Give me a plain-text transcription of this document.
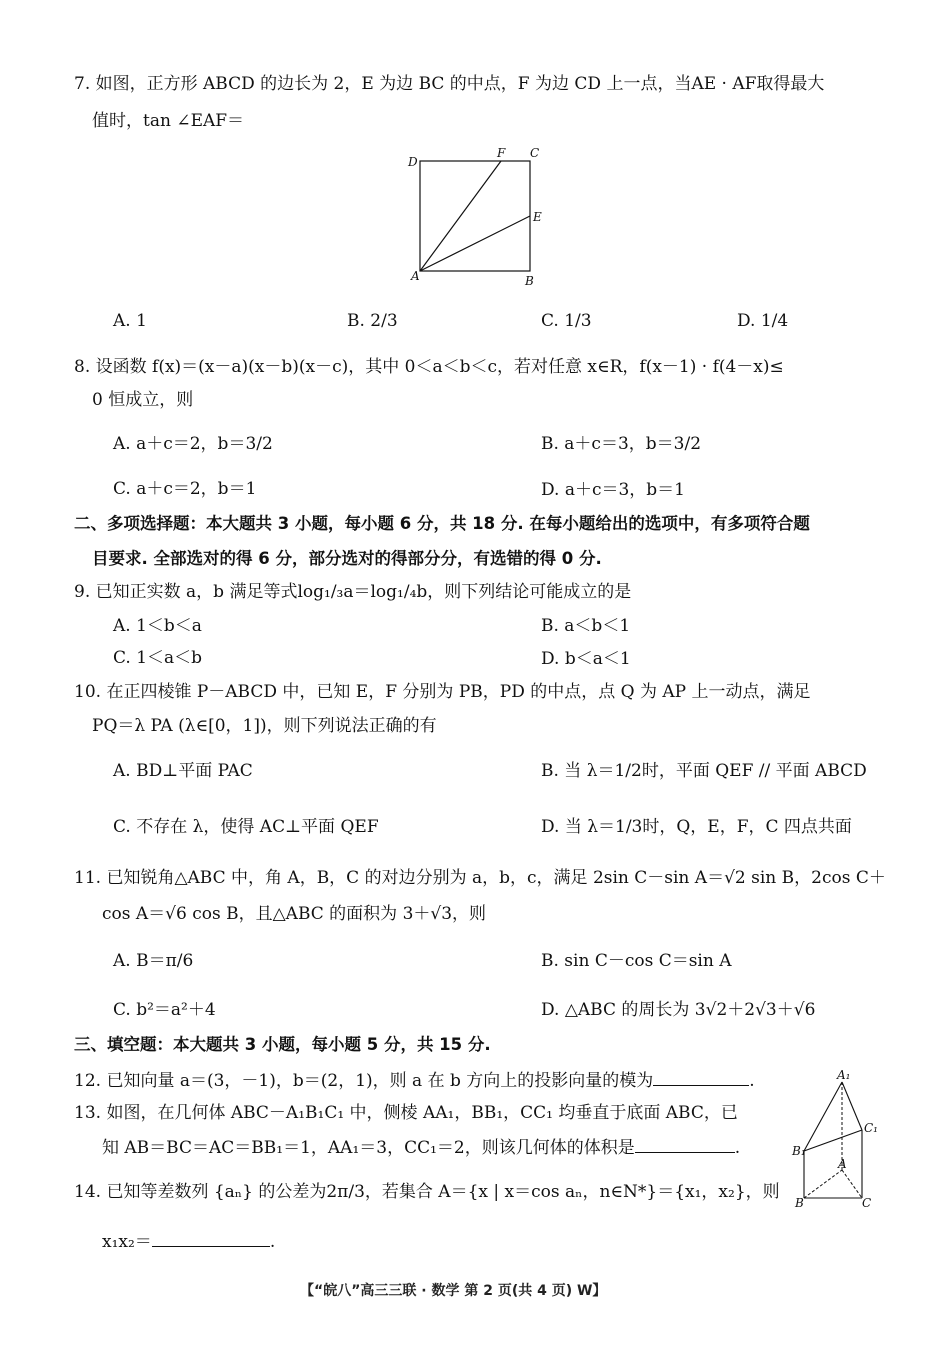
7. 如图，正方形 ABCD 的边长为 2，E 为边 BC 的中点，F 为边 CD 上一点，当AE · AF取得最大
值时，tan ∠EAF＝
D
F C
E
A	B
A. 1	B. 2/3	C. 1/3	D. 1/4
8. 设函数 f(x)＝(x－a)(x－b)(x－c)，其中 0＜a＜b＜c，若对任意 x∈R，f(x－1) · f(4－x)≤
0 恒成立，则
A. a＋c＝2，b＝3/2	B. a＋c＝3，b＝3/2
C. a＋c＝2，b＝1	D. a＋c＝3，b＝1
二、多项选择题：本大题共 3 小题，每小题 6 分，共 18 分. 在每小题给出的选项中，有多项符合题
目要求. 全部选对的得 6 分，部分选对的得部分分，有选错的得 0 分.
9. 已知正实数 a，b 满足等式log₁/₃a＝log₁/₄b，则下列结论可能成立的是
A. 1＜b＜a	B. a＜b＜1
C. 1＜a＜b	D. b＜a＜1
10. 在正四棱锥 P－ABCD 中，已知 E，F 分别为 PB，PD 的中点，点 Q 为 AP 上一动点，满足
PQ＝λ PA (λ∈[0，1])，则下列说法正确的有
A. BD⊥平面 PAC	B. 当 λ＝1/2时，平面 QEF // 平面 ABCD
C. 不存在 λ，使得 AC⊥平面 QEF	D. 当 λ＝1/3时，Q，E，F，C 四点共面
11. 已知锐角△ABC 中，角 A，B，C 的对边分别为 a，b，c，满足 2sin C－sin A＝√2 sin B，2cos C＋
cos A＝√6 cos B，且△ABC 的面积为 3＋√3，则
A. B＝π/6	B. sin C－cos C＝sin A
C. b²＝a²＋4	D. △ABC 的周长为 3√2＋2√3＋√6
三、填空题：本大题共 3 小题，每小题 5 分，共 15 分.
12. 已知向量 a＝(3，－1)，b＝(2，1)，则 a 在 b 方向上的投影向量的模为	.
13. 如图，在几何体 ABC－A₁B₁C₁ 中，侧棱 AA₁，BB₁，CC₁ 均垂直于底面 ABC，已
知 AB＝BC＝AC＝BB₁＝1，AA₁＝3，CC₁＝2，则该几何体的体积是	.
A₁
C₁
B₁
A
B	C
14. 已知等差数列 {aₙ} 的公差为2π/3，若集合 A＝{x | x＝cos aₙ，n∈N*}＝{x₁，x₂}，则
x₁x₂＝	.
【“皖八”高三三联 · 数学 第 2 页(共 4 页) W】
